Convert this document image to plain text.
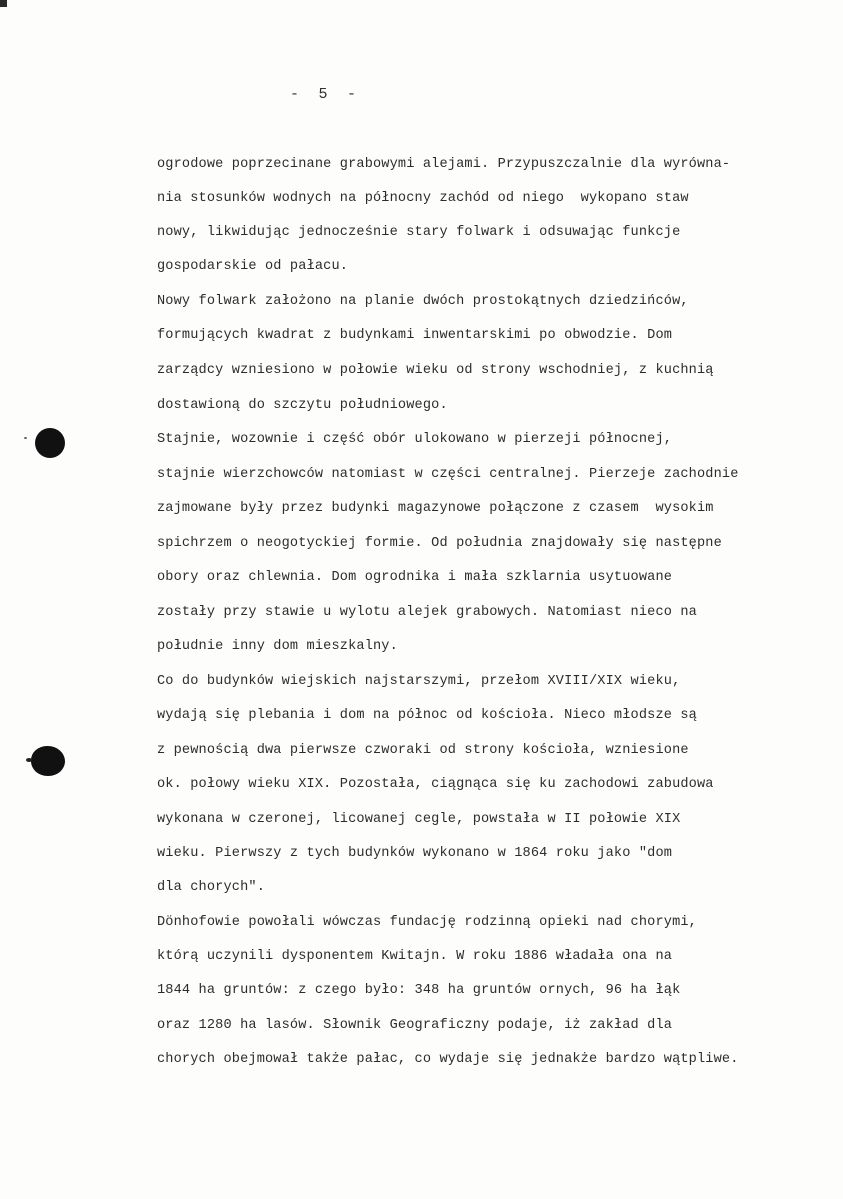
-  5  -
ogrodowe poprzecinane grabowymi alejami. Przypuszczalnie dla wyrówna-
nia stosunków wodnych na północny zachód od niego  wykopano staw
nowy, likwidując jednocześnie stary folwark i odsuwając funkcje
gospodarskie od pałacu.
Nowy folwark założono na planie dwóch prostokątnych dziedzińców,
formujących kwadrat z budynkami inwentarskimi po obwodzie. Dom
zarządcy wzniesiono w połowie wieku od strony wschodniej, z kuchnią
dostawioną do szczytu południowego.
Stajnie, wozownie i część obór ulokowano w pierzeji północnej,
stajnie wierzchowców natomiast w części centralnej. Pierzeje zachodnie
zajmowane były przez budynki magazynowe połączone z czasem  wysokim
spichrzem o neogotyckiej formie. Od południa znajdowały się następne
obory oraz chlewnia. Dom ogrodnika i mała szklarnia usytuowane
zostały przy stawie u wylotu alejek grabowych. Natomiast nieco na
południe inny dom mieszkalny.
Co do budynków wiejskich najstarszymi, przełom XVIII/XIX wieku,
wydają się plebania i dom na północ od kościoła. Nieco młodsze są
z pewnością dwa pierwsze czworaki od strony kościoła, wzniesione
ok. połowy wieku XIX. Pozostała, ciągnąca się ku zachodowi zabudowa
wykonana w czeronej, licowanej cegle, powstała w II połowie XIX
wieku. Pierwszy z tych budynków wykonano w 1864 roku jako "dom
dla chorych".
Dönhofowie powołali wówczas fundację rodzinną opieki nad chorymi,
którą uczynili dysponentem Kwitajn. W roku 1886 władała ona na
1844 ha gruntów: z czego było: 348 ha gruntów ornych, 96 ha łąk
oraz 1280 ha lasów. Słownik Geograficzny podaje, iż zakład dla
chorych obejmował także pałac, co wydaje się jednakże bardzo wątpliwe.
